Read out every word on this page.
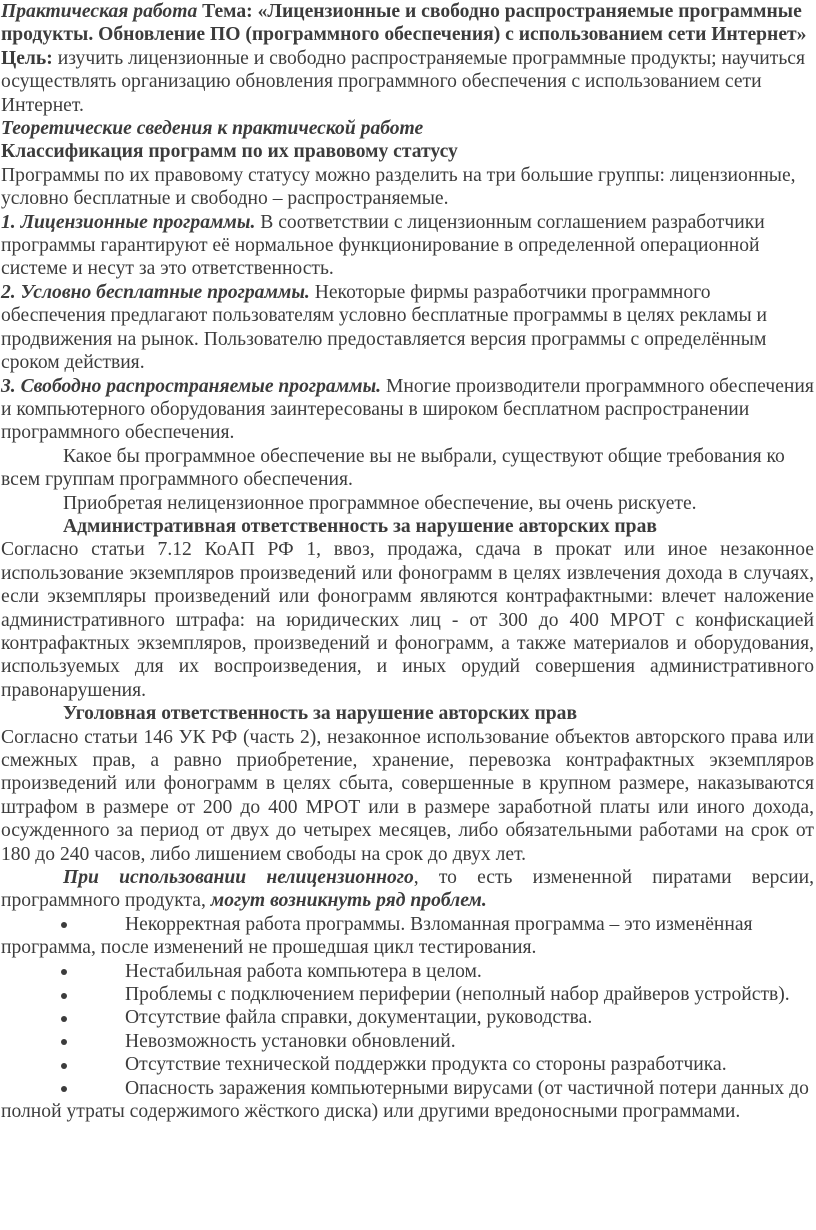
Практическая работа Тема: «Лицензионные и свободно распространяемые программные продукты. Обновление ПО (программного обеспечения) с использованием сети Интернет»

Цель: изучить лицензионные и свободно распространяемые программные продукты; научиться осуществлять организацию обновления программного обеспечения с использованием сети Интернет.

Теоретические сведения к практической работе

Классификация программ по их правовому статусу

Программы по их правовому статусу можно разделить на три большие группы: лицензионные, условно бесплатные и свободно – распространяемые.

1. Лицензионные программы. В соответствии с лицензионным соглашением разработчики программы гарантируют её нормальное функционирование в определенной операционной системе и несут за это ответственность.

2. Условно бесплатные программы. Некоторые фирмы разработчики программного обеспечения предлагают пользователям условно бесплатные программы в целях рекламы и продвижения на рынок. Пользователю предоставляется версия программы с определённым сроком действия.

3. Свободно распространяемые программы. Многие производители программного обеспечения и компьютерного оборудования заинтересованы в широком бесплатном распространении программного обеспечения.

Какое бы программное обеспечение вы не выбрали, существуют общие требования ко всем группам программного обеспечения.

Приобретая нелицензионное программное обеспечение, вы очень рискуете.

Административная ответственность за нарушение авторских прав

Согласно статьи 7.12 КоАП РФ 1, ввоз, продажа, сдача в прокат или иное незаконное использование экземпляров произведений или фонограмм в целях извлечения дохода в случаях, если экземпляры произведений или фонограмм являются контрафактными: влечет наложение административного штрафа: на юридических лиц - от 300 до 400 МРОТ с конфискацией контрафактных экземпляров, произведений и фонограмм, а также материалов и оборудования, используемых для их воспроизведения, и иных орудий совершения административного правонарушения.

Уголовная ответственность за нарушение авторских прав

Согласно статьи 146 УК РФ (часть 2), незаконное использование объектов авторского права или смежных прав, а равно приобретение, хранение, перевозка контрафактных экземпляров произведений или фонограмм в целях сбыта, совершенные в крупном размере, наказываются штрафом в размере от 200 до 400 МРОТ или в размере заработной платы или иного дохода, осужденного за период от двух до четырех месяцев, либо обязательными работами на срок от 180 до 240 часов, либо лишением свободы на срок до двух лет.

При использовании нелицензионного, то есть измененной пиратами версии, программного продукта, могут возникнуть ряд проблем.

Некорректная работа программы. Взломанная программа – это изменённая программа, после изменений не прошедшая цикл тестирования.

Нестабильная работа компьютера в целом.

Проблемы с подключением периферии (неполный набор драйверов устройств).

Отсутствие файла справки, документации, руководства.

Невозможность установки обновлений.

Отсутствие технической поддержки продукта со стороны разработчика.

Опасность заражения компьютерными вирусами (от частичной потери данных до полной утраты содержимого жёсткого диска) или другими вредоносными программами.
